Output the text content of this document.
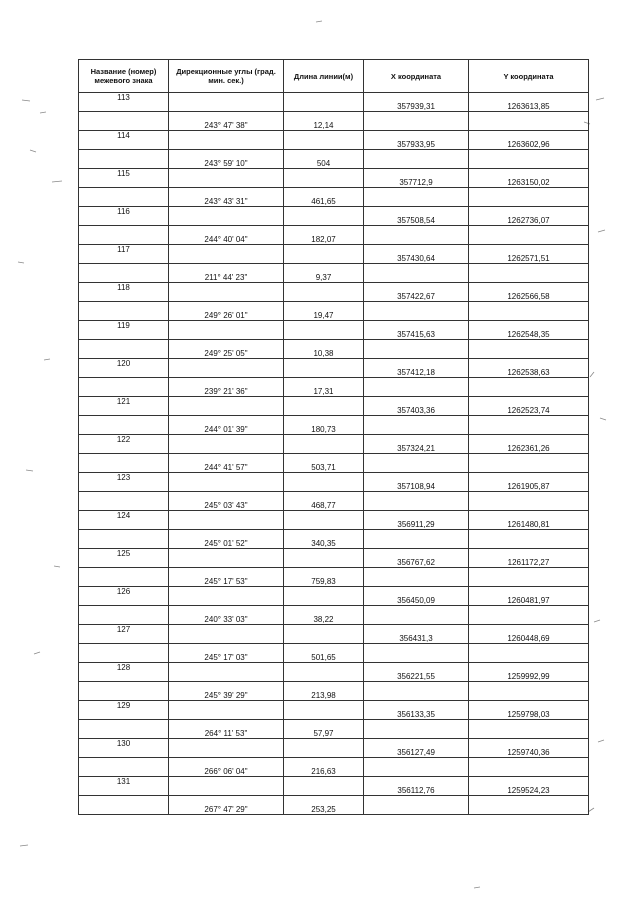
Название (номер) межевого знака	Дирекционные углы (град. мин. сек.)	Длина линии(м)	X координата	Y координата
113			357939,31	1263613,85
	243° 47' 38"	12,14		
114			357933,95	1263602,96
	243° 59' 10"	504		
115			357712,9	1263150,02
	243° 43' 31"	461,65		
116			357508,54	1262736,07
	244° 40' 04"	182,07		
117			357430,64	1262571,51
	211° 44' 23"	9,37		
118			357422,67	1262566,58
	249° 26' 01"	19,47		
119			357415,63	1262548,35
	249° 25' 05"	10,38		
120			357412,18	1262538,63
	239° 21' 36"	17,31		
121			357403,36	1262523,74
	244° 01' 39"	180,73		
122			357324,21	1262361,26
	244° 41' 57"	503,71		
123			357108,94	1261905,87
	245° 03' 43"	468,77		
124			356911,29	1261480,81
	245° 01' 52"	340,35		
125			356767,62	1261172,27
	245° 17' 53"	759,83		
126			356450,09	1260481,97
	240° 33' 03"	38,22		
127			356431,3	1260448,69
	245° 17' 03"	501,65		
128			356221,55	1259992,99
	245° 39' 29"	213,98		
129			356133,35	1259798,03
	264° 11' 53"	57,97		
130			356127,49	1259740,36
	266° 06' 04"	216,63		
131			356112,76	1259524,23
	267° 47' 29"	253,25		
